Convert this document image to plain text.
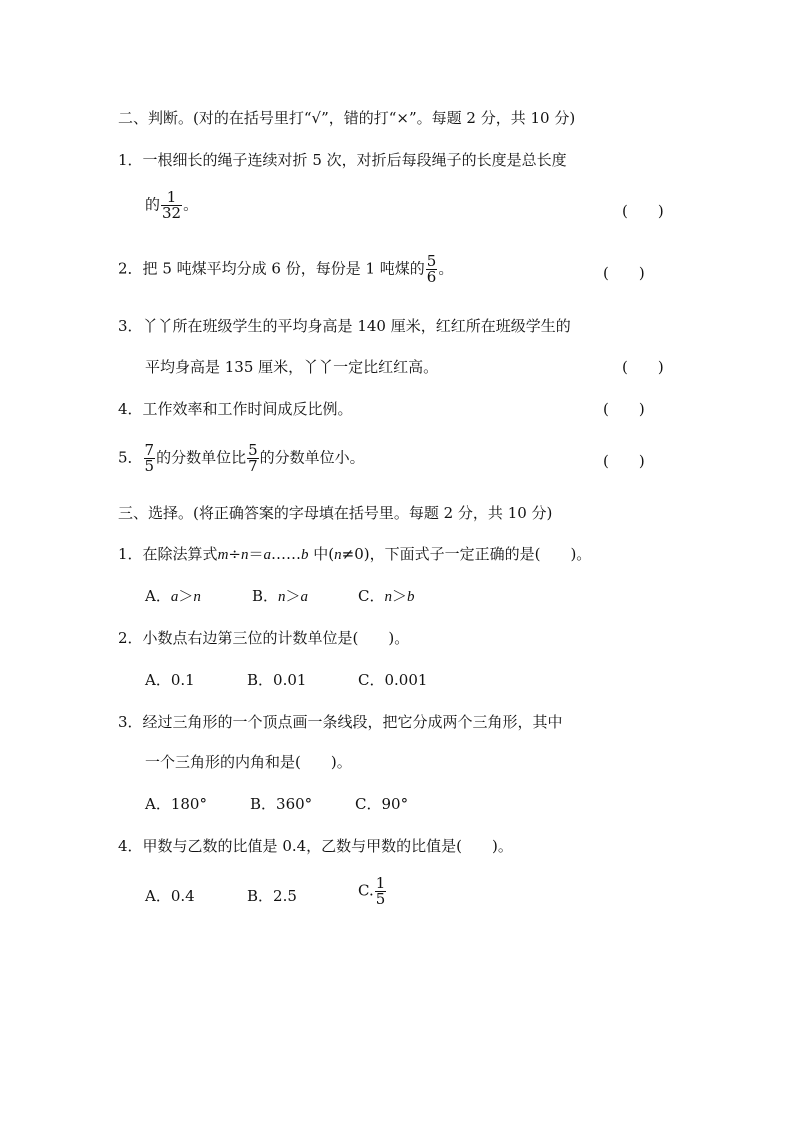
二、判断。(对的在括号里打“√”，错的打“×”。每题 2 分，共 10 分)
1．一根细长的绳子连续对折 5 次，对折后每段绳子的长度是总长度
的 $\frac{1}{32}$ 。	(　　)
2．把 5 吨煤平均分成 6 份，每份是 1 吨煤的 $\frac{5}{6}$ 。	(　　)
3．丫丫所在班级学生的平均身高是 140 厘米，红红所在班级学生的
平均身高是 135 厘米，丫丫一定比红红高。	(　　)
4．工作效率和工作时间成反比例。	(　　)
5． $\frac{7}{5}$ 的分数单位比 $\frac{5}{7}$ 的分数单位小。	(　　)
三、选择。(将正确答案的字母填在括号里。每题 2 分，共 10 分)
1．在除法算式m÷n＝a……b 中(n≠0)，下面式子一定正确的是(　　)。
A．a＞n	B．n＞a	C．n＞b
2．小数点右边第三位的计数单位是(　　)。
A．0.1	B．0.01	C．0.001
3．经过三角形的一个顶点画一条线段，把它分成两个三角形，其中
一个三角形的内角和是(　　)。
A．180°	B．360°	C．90°
4．甲数与乙数的比值是 0.4，乙数与甲数的比值是(　　)。
A．0.4	B．2.5	C. $\frac{1}{5}$
